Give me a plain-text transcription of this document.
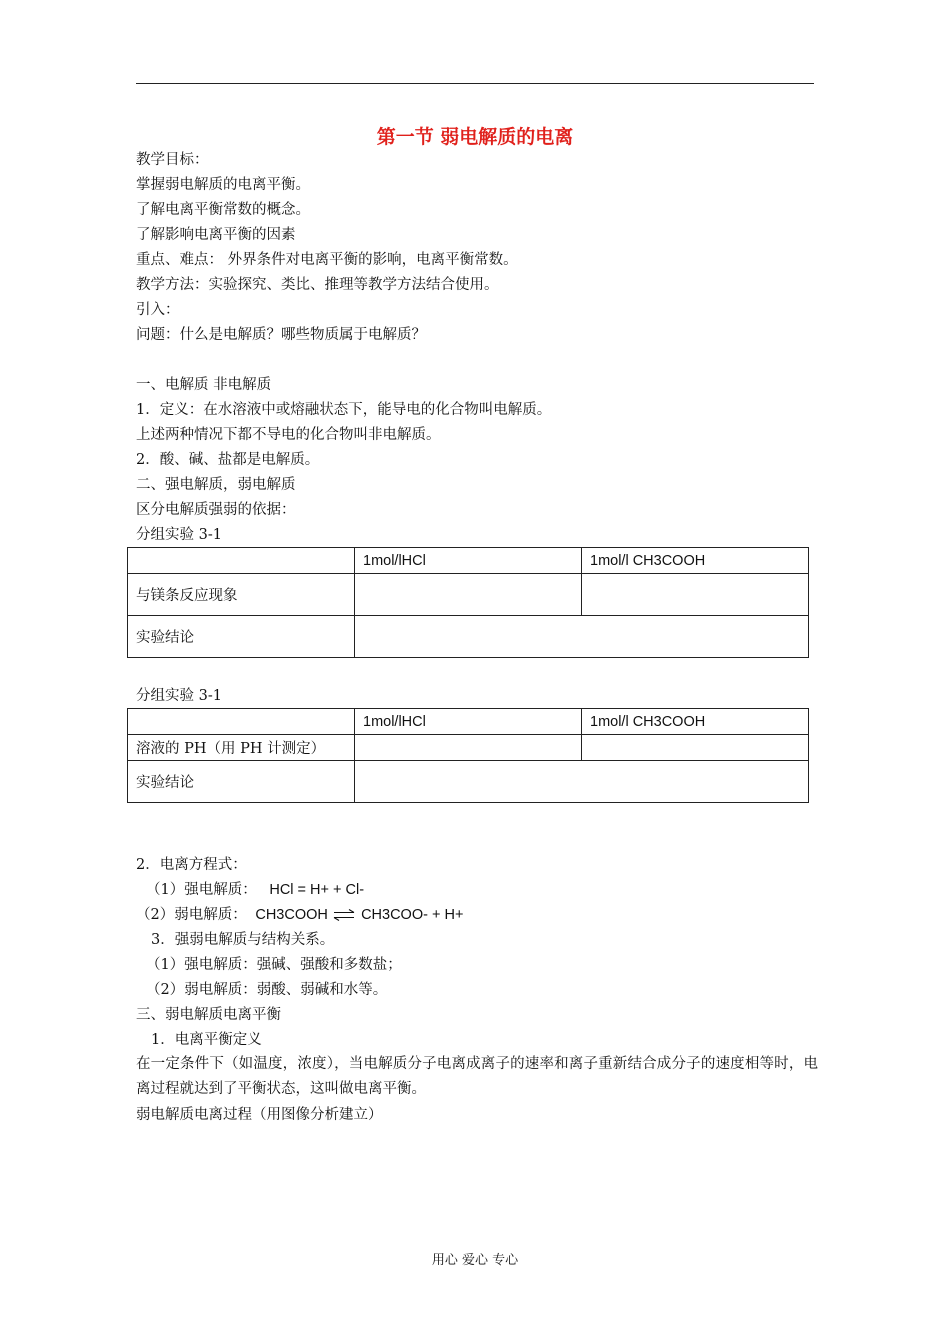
第一节 弱电解质的电离
教学目标：
掌握弱电解质的电离平衡。
了解电离平衡常数的概念。
了解影响电离平衡的因素
重点、难点： 外界条件对电离平衡的影响，电离平衡常数。
教学方法：实验探究、类比、推理等教学方法结合使用。
引入：
问题：什么是电解质？哪些物质属于电解质？
一、电解质 非电解质
1．定义：在水溶液中或熔融状态下，能导电的化合物叫电解质。
上述两种情况下都不导电的化合物叫非电解质。
2．酸、碱、盐都是电解质。
二、强电解质，弱电解质
区分电解质强弱的依据：
分组实验 3-1
	1mol/lHCl	1mol/l CH3COOH
与镁条反应现象		
实验结论		
分组实验 3-1
	1mol/lHCl	1mol/l CH3COOH
溶液的 PH（用 PH 计测定）		
实验结论		
2．电离方程式：
（1）强电解质： HCl = H+ + Cl-
（2）弱电解质： CH3COOH ⇌ CH3COO- + H+
3．强弱电解质与结构关系。
（1）强电解质：强碱、强酸和多数盐；
（2）弱电解质：弱酸、弱碱和水等。
三、弱电解质电离平衡
1．电离平衡定义
在一定条件下（如温度，浓度），当电解质分子电离成离子的速率和离子重新结合成分子的速度相等时，电离过程就达到了平衡状态，这叫做电离平衡。
弱电解质电离过程（用图像分析建立）
用心 爱心 专心
